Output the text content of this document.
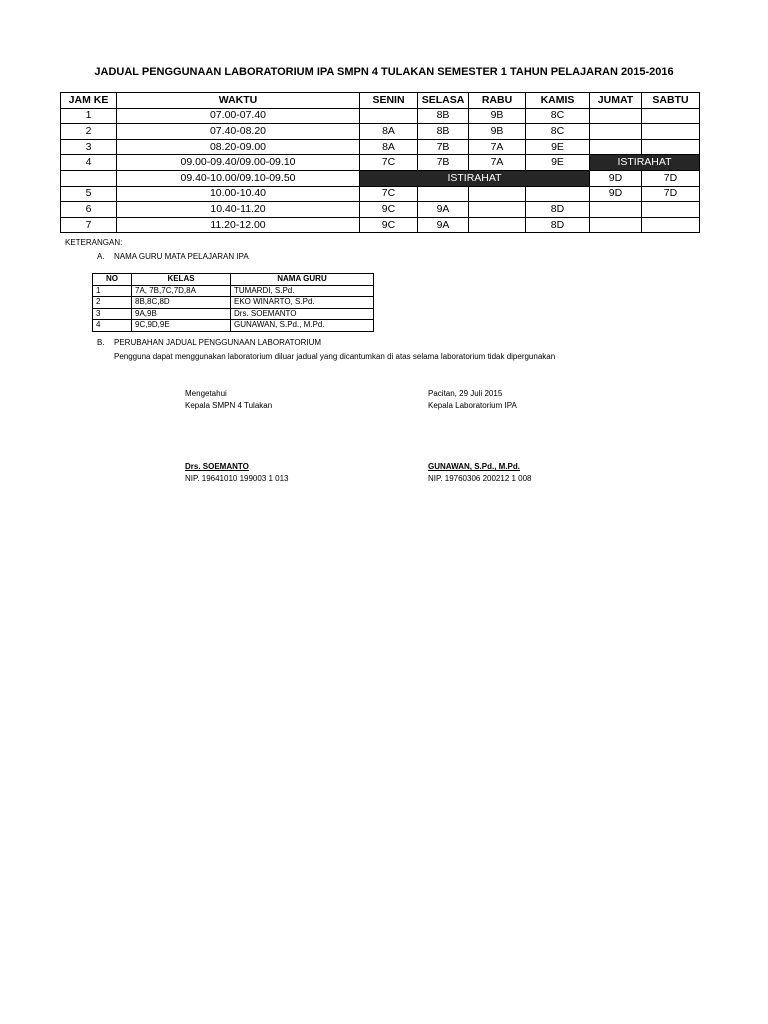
JADUAL PENGGUNAAN LABORATORIUM IPA SMPN 4 TULAKAN SEMESTER 1 TAHUN PELAJARAN 2015-2016
JAM KE	WAKTU	SENIN	SELASA	RABU	KAMIS	JUMAT	SABTU
1	07.00-07.40		8B	9B	8C		
2	07.40-08.20	8A	8B	9B	8C		
3	08.20-09.00	8A	7B	7A	9E		
4	09.00-09.40/09.00-09.10	7C	7B	7A	9E	ISTIRAHAT	
	09.40-10.00/09.10-09.50	ISTIRAHAT				9D	7D
5	10.00-10.40	7C				9D	7D
6	10.40-11.20	9C	9A		8D		
7	11.20-12.00	9C	9A		8D		
KETERANGAN:
A. NAMA GURU MATA PELAJARAN IPA
NO	KELAS	NAMA GURU
1	7A, 7B,7C,7D,8A	TUMARDI, S.Pd.
2	8B,8C,8D	EKO WINARTO, S.Pd.
3	9A,9B	Drs. SOEMANTO
4	9C,9D,9E	GUNAWAN, S.Pd., M.Pd.
B. PERUBAHAN JADUAL PENGGUNAAN LABORATORIUM
Pengguna dapat menggunakan laboratorium diluar jadual yang dicantumkan di atas selama laboratorium tidak dipergunakan
Mengetahui
Kepala SMPN 4 Tulakan
Pacitan, 29 Juli 2015
Kepala Laboratorium IPA
Drs. SOEMANTO
NIP. 19641010 199003 1 013
GUNAWAN, S.Pd., M.Pd.
NIP. 19760306 200212 1 008
